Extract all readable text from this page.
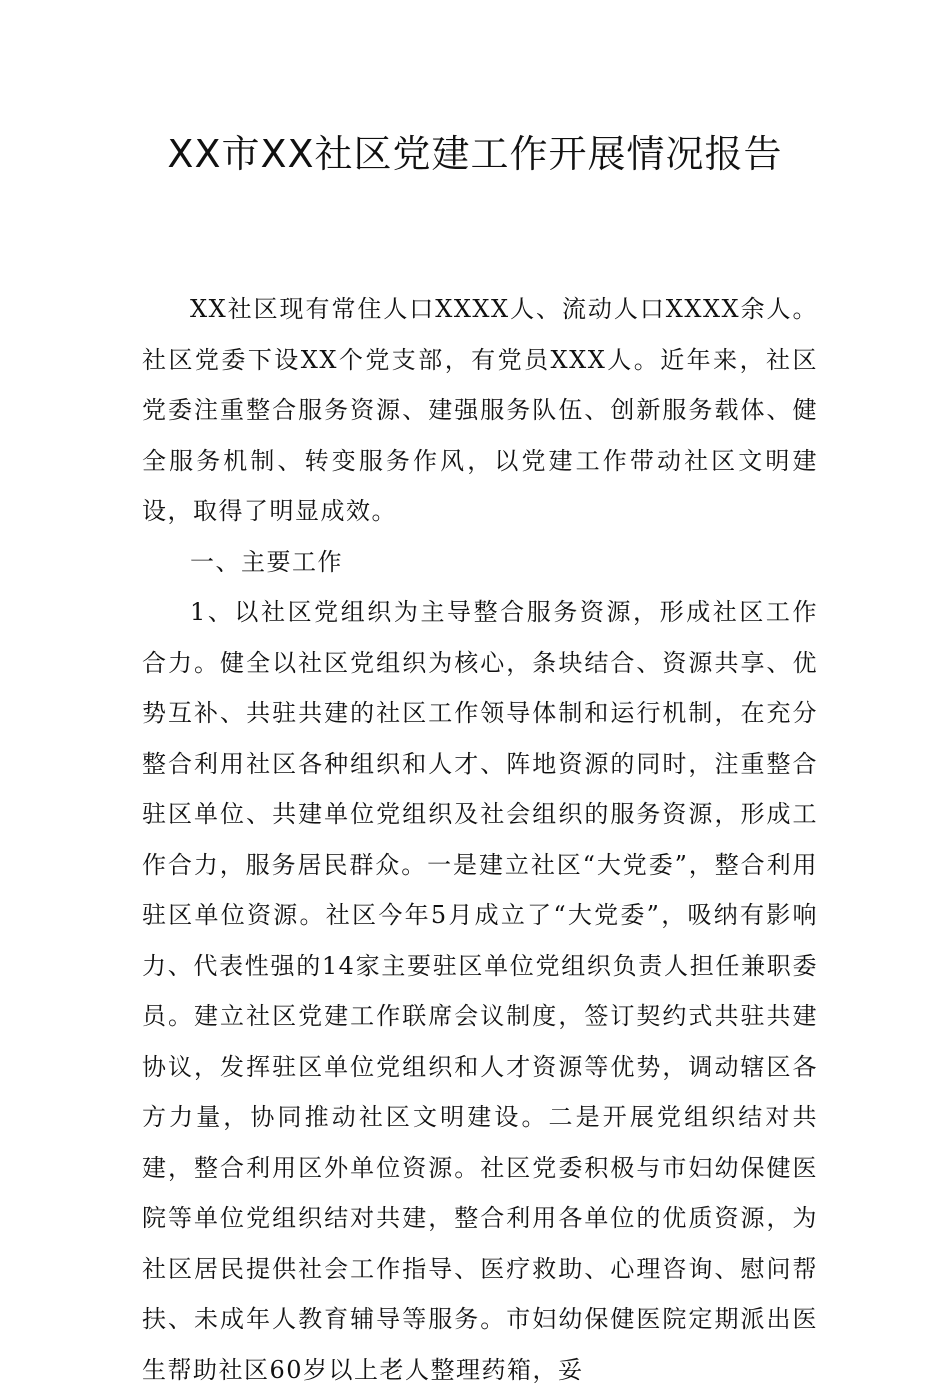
XX市XX社区党建工作开展情况报告

XX社区现有常住人口XXXX人、流动人口XXXX余人。社区党委下设XX个党支部，有党员XXX人。近年来，社区党委注重整合服务资源、建强服务队伍、创新服务载体、健全服务机制、转变服务作风，以党建工作带动社区文明建设，取得了明显成效。

一、主要工作

1、以社区党组织为主导整合服务资源，形成社区工作合力。健全以社区党组织为核心，条块结合、资源共享、优势互补、共驻共建的社区工作领导体制和运行机制，在充分整合利用社区各种组织和人才、阵地资源的同时，注重整合驻区单位、共建单位党组织及社会组织的服务资源，形成工作合力，服务居民群众。一是建立社区“大党委”，整合利用驻区单位资源。社区今年5月成立了“大党委”，吸纳有影响力、代表性强的14家主要驻区单位党组织负责人担任兼职委员。建立社区党建工作联席会议制度，签订契约式共驻共建协议，发挥驻区单位党组织和人才资源等优势，调动辖区各方力量，协同推动社区文明建设。二是开展党组织结对共建，整合利用区外单位资源。社区党委积极与市妇幼保健医院等单位党组织结对共建，整合利用各单位的优质资源，为社区居民提供社会工作指导、医疗救助、心理咨询、慰问帮扶、未成年人教育辅导等服务。市妇幼保健医院定期派出医生帮助社区60岁以上老人整理药箱，妥
